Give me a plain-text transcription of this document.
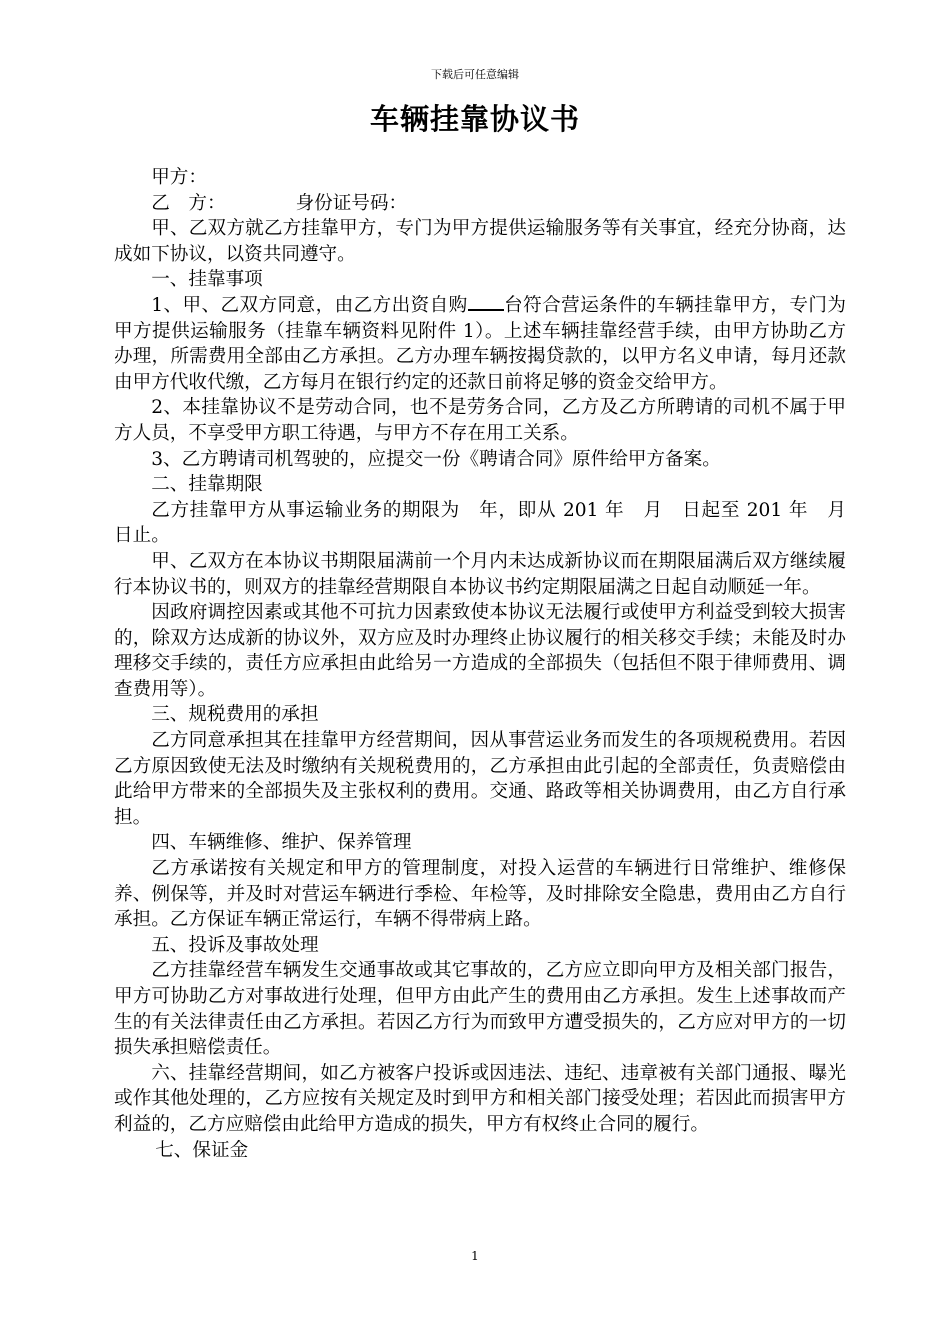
下载后可任意编辑
车辆挂靠协议书

甲方：

乙　方：	身份证号码：

甲、乙双方就乙方挂靠甲方，专门为甲方提供运输服务等有关事宜，经充分协商，达成如下协议，以资共同遵守。

一、挂靠事项

1、甲、乙双方同意，由乙方出资自购 台符合营运条件的车辆挂靠甲方，专门为甲方提供运输服务（挂靠车辆资料见附件 1）。上述车辆挂靠经营手续，由甲方协助乙方办理，所需费用全部由乙方承担。乙方办理车辆按揭贷款的，以甲方名义申请，每月还款由甲方代收代缴，乙方每月在银行约定的还款日前将足够的资金交给甲方。

2、本挂靠协议不是劳动合同，也不是劳务合同，乙方及乙方所聘请的司机不属于甲方人员，不享受甲方职工待遇，与甲方不存在用工关系。

3、乙方聘请司机驾驶的，应提交一份《聘请合同》原件给甲方备案。

二、挂靠期限

乙方挂靠甲方从事运输业务的期限为　年，即从 201 年　月　日起至 201 年　月　日止。

甲、乙双方在本协议书期限届满前一个月内未达成新协议而在期限届满后双方继续履行本协议书的，则双方的挂靠经营期限自本协议书约定期限届满之日起自动顺延一年。

因政府调控因素或其他不可抗力因素致使本协议无法履行或使甲方利益受到较大损害的，除双方达成新的协议外，双方应及时办理终止协议履行的相关移交手续；未能及时办理移交手续的，责任方应承担由此给另一方造成的全部损失（包括但不限于律师费用、调查费用等）。

三、规税费用的承担

乙方同意承担其在挂靠甲方经营期间，因从事营运业务而发生的各项规税费用。若因乙方原因致使无法及时缴纳有关规税费用的，乙方承担由此引起的全部责任，负责赔偿由此给甲方带来的全部损失及主张权利的费用。交通、路政等相关协调费用，由乙方自行承担。

四、车辆维修、维护、保养管理

乙方承诺按有关规定和甲方的管理制度，对投入运营的车辆进行日常维护、维修保养、例保等，并及时对营运车辆进行季检、年检等，及时排除安全隐患，费用由乙方自行承担。乙方保证车辆正常运行，车辆不得带病上路。

五、投诉及事故处理

乙方挂靠经营车辆发生交通事故或其它事故的，乙方应立即向甲方及相关部门报告，甲方可协助乙方对事故进行处理，但甲方由此产生的费用由乙方承担。发生上述事故而产生的有关法律责任由乙方承担。若因乙方行为而致甲方遭受损失的，乙方应对甲方的一切损失承担赔偿责任。

六、挂靠经营期间，如乙方被客户投诉或因违法、违纪、违章被有关部门通报、曝光或作其他处理的，乙方应按有关规定及时到甲方和相关部门接受处理；若因此而损害甲方利益的，乙方应赔偿由此给甲方造成的损失，甲方有权终止合同的履行。

七、保证金

1
